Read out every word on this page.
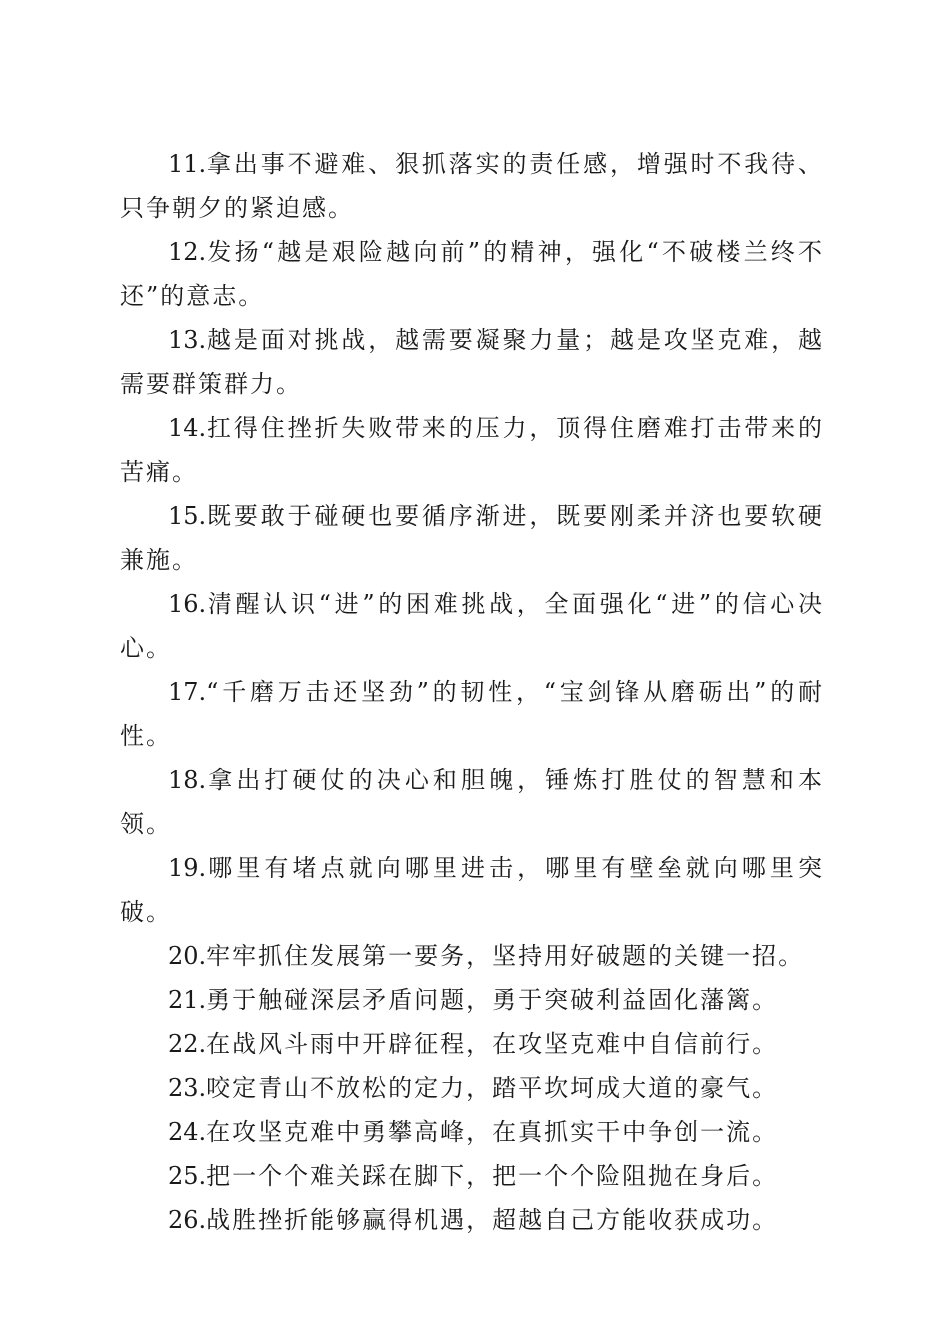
11.拿出事不避难、狠抓落实的责任感，增强时不我待、只争朝夕的紧迫感。

12.发扬“越是艰险越向前”的精神，强化“不破楼兰终不还”的意志。

13.越是面对挑战，越需要凝聚力量；越是攻坚克难，越需要群策群力。

14.扛得住挫折失败带来的压力，顶得住磨难打击带来的苦痛。

15.既要敢于碰硬也要循序渐进，既要刚柔并济也要软硬兼施。

16.清醒认识“进”的困难挑战，全面强化“进”的信心决心。

17.“千磨万击还坚劲”的韧性，“宝剑锋从磨砺出”的耐性。

18.拿出打硬仗的决心和胆魄，锤炼打胜仗的智慧和本领。

19.哪里有堵点就向哪里进击，哪里有壁垒就向哪里突破。

20.牢牢抓住发展第一要务，坚持用好破题的关键一招。

21.勇于触碰深层矛盾问题，勇于突破利益固化藩篱。

22.在战风斗雨中开辟征程，在攻坚克难中自信前行。

23.咬定青山不放松的定力，踏平坎坷成大道的豪气。

24.在攻坚克难中勇攀高峰，在真抓实干中争创一流。

25.把一个个难关踩在脚下，把一个个险阻抛在身后。

26.战胜挫折能够赢得机遇，超越自己方能收获成功。
